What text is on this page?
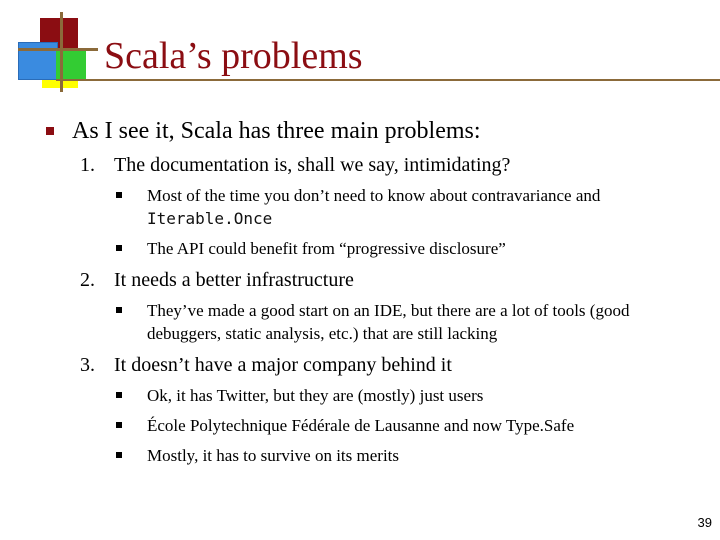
Scala’s problems
As I see it, Scala has three main problems:
1. The documentation is, shall we say, intimidating?
Most of the time you don’t need to know about contravariance and Iterable.Once
The API could benefit from “progressive disclosure”
2. It needs a better infrastructure
They’ve made a good start on an IDE, but there are a lot of tools (good debuggers, static analysis, etc.) that are still lacking
3. It doesn’t have a major company behind it
Ok, it has Twitter, but they are (mostly) just users
École Polytechnique Fédérale de Lausanne and now Type.Safe
Mostly, it has to survive on its merits
39
